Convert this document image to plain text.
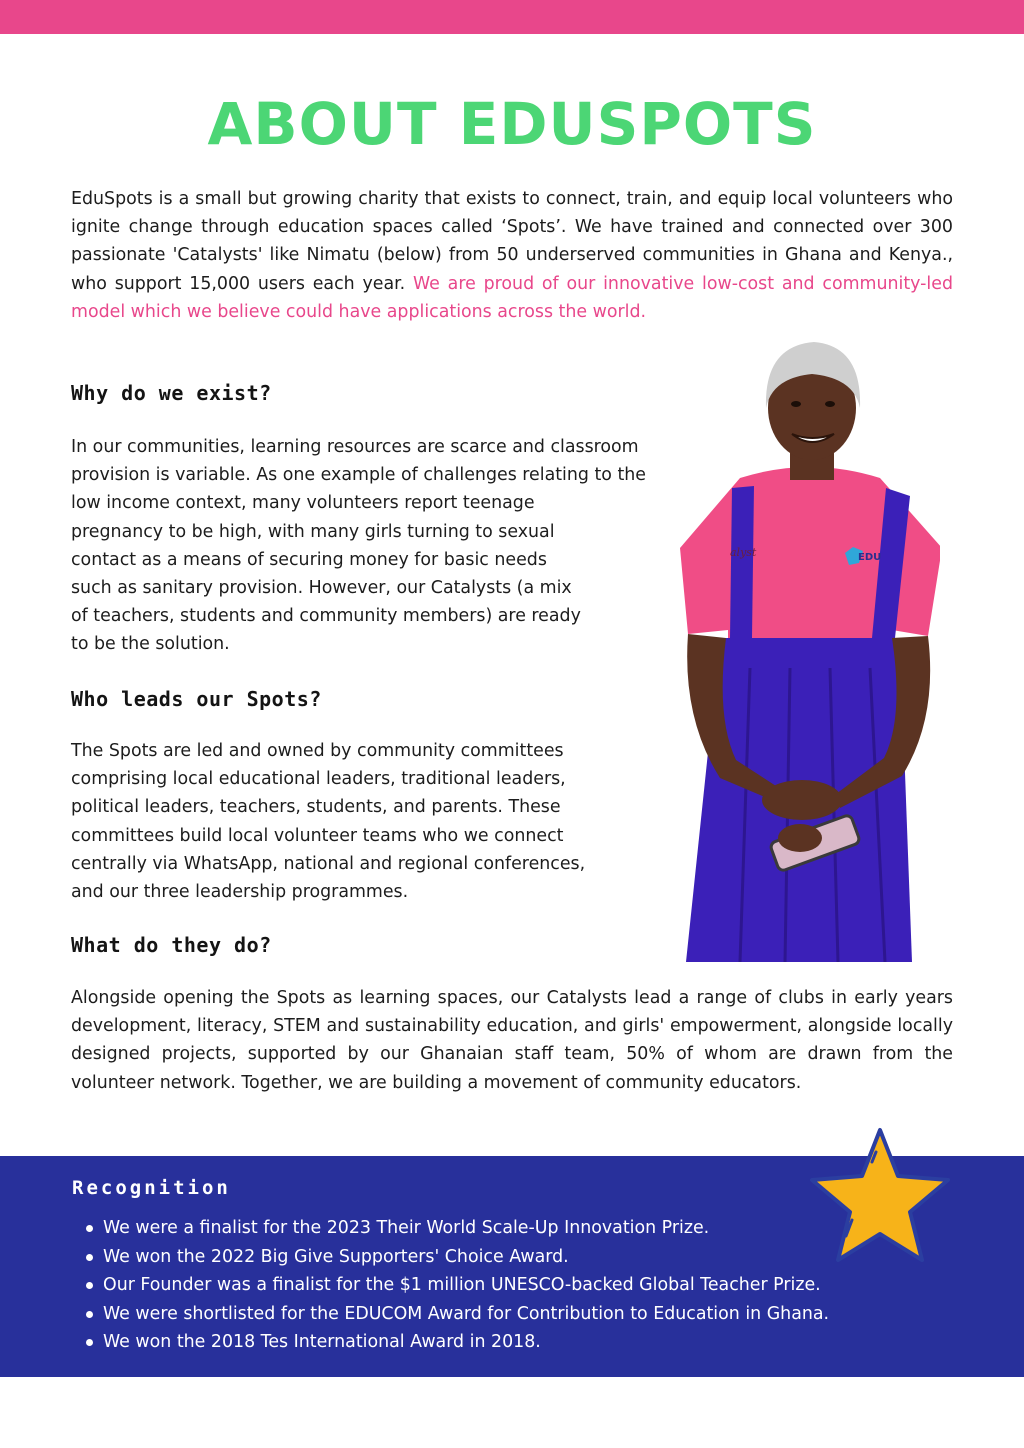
ABOUT EDUSPOTS

EduSpots is a small but growing charity that exists to connect, train, and equip local volunteers who ignite change through education spaces called ‘Spots’. We have trained and connected over 300 passionate 'Catalysts' like Nimatu (below) from 50 underserved communities in Ghana and Kenya., who support 15,000 users each year. We are proud of our innovative low-cost and community-led model which we believe could have applications across the world.

Why do we exist?
In our communities, learning resources are scarce and classroom
provision is variable. As one example of challenges relating to the
low income context, many volunteers report teenage
pregnancy to be high, with many girls turning to sexual
contact as a means of securing money for basic needs
such as sanitary provision. However, our Catalysts (a mix
of teachers, students and community members) are ready
to be the solution.
Who leads our Spots?
The Spots are led and owned by community committees
comprising local educational leaders, traditional leaders,
political leaders, teachers, students, and parents. These
committees build local volunteer teams who we connect
centrally via WhatsApp, national and regional conferences,
and our three leadership programmes.
What do they do?

Alongside opening the Spots as learning spaces, our Catalysts lead a range of clubs in early years development, literacy, STEM and sustainability education, and girls' empowerment, alongside locally designed projects, supported by our Ghanaian staff team, 50% of whom are drawn from the volunteer network. Together, we are building a movement of community educators.

EDU
alyst
Recognition
We were a finalist for the 2023 Their World Scale-Up Innovation Prize.
We won the 2022 Big Give Supporters' Choice Award.
Our Founder was a finalist for the $1 million UNESCO-backed Global Teacher Prize.
We were shortlisted for the EDUCOM Award for Contribution to Education in Ghana.
We won the 2018 Tes International Award in 2018.
